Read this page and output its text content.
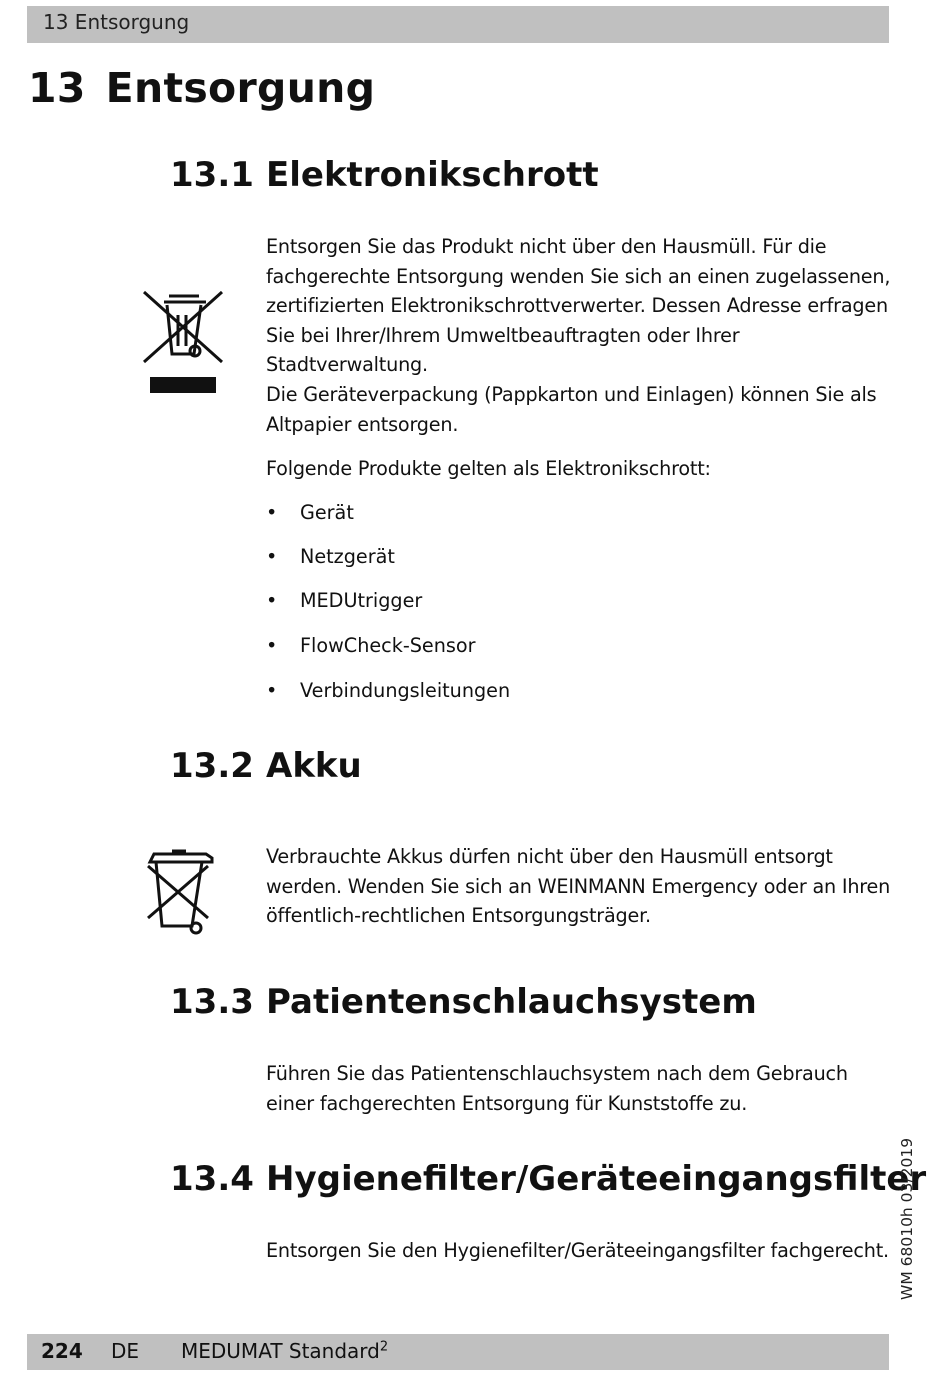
13 Entsorgung
13 Entsorgung
13.1 Elektronikschrott

Entsorgen Sie das Produkt nicht über den Hausmüll. Für die fachgerechte Entsorgung wenden Sie sich an einen zugelassenen, zertifizierten Elektronikschrottverwerter. Dessen Adresse erfragen Sie bei Ihrer/Ihrem Umweltbeauftragten oder Ihrer Stadtverwaltung.

Die Geräteverpackung (Pappkarton und Einlagen) können Sie als Altpapier entsorgen.

Folgende Produkte gelten als Elektronikschrott:

• Gerät
• Netzgerät
• MEDUtrigger
• FlowCheck-Sensor
• Verbindungsleitungen
13.2 Akku

Verbrauchte Akkus dürfen nicht über den Hausmüll entsorgt werden. Wenden Sie sich an WEINMANN Emergency oder an Ihren öffentlich-rechtlichen Entsorgungsträger.

13.3 Patientenschlauchsystem

Führen Sie das Patientenschlauchsystem nach dem Gebrauch einer fachgerechten Entsorgung für Kunststoffe zu.

13.4 Hygienefilter/Geräteeingangsfilter

Entsorgen Sie den Hygienefilter/Geräteeingangsfilter fachgerecht. WM 68010h 03/2019
224 DE MEDUMAT Standard$^2$
